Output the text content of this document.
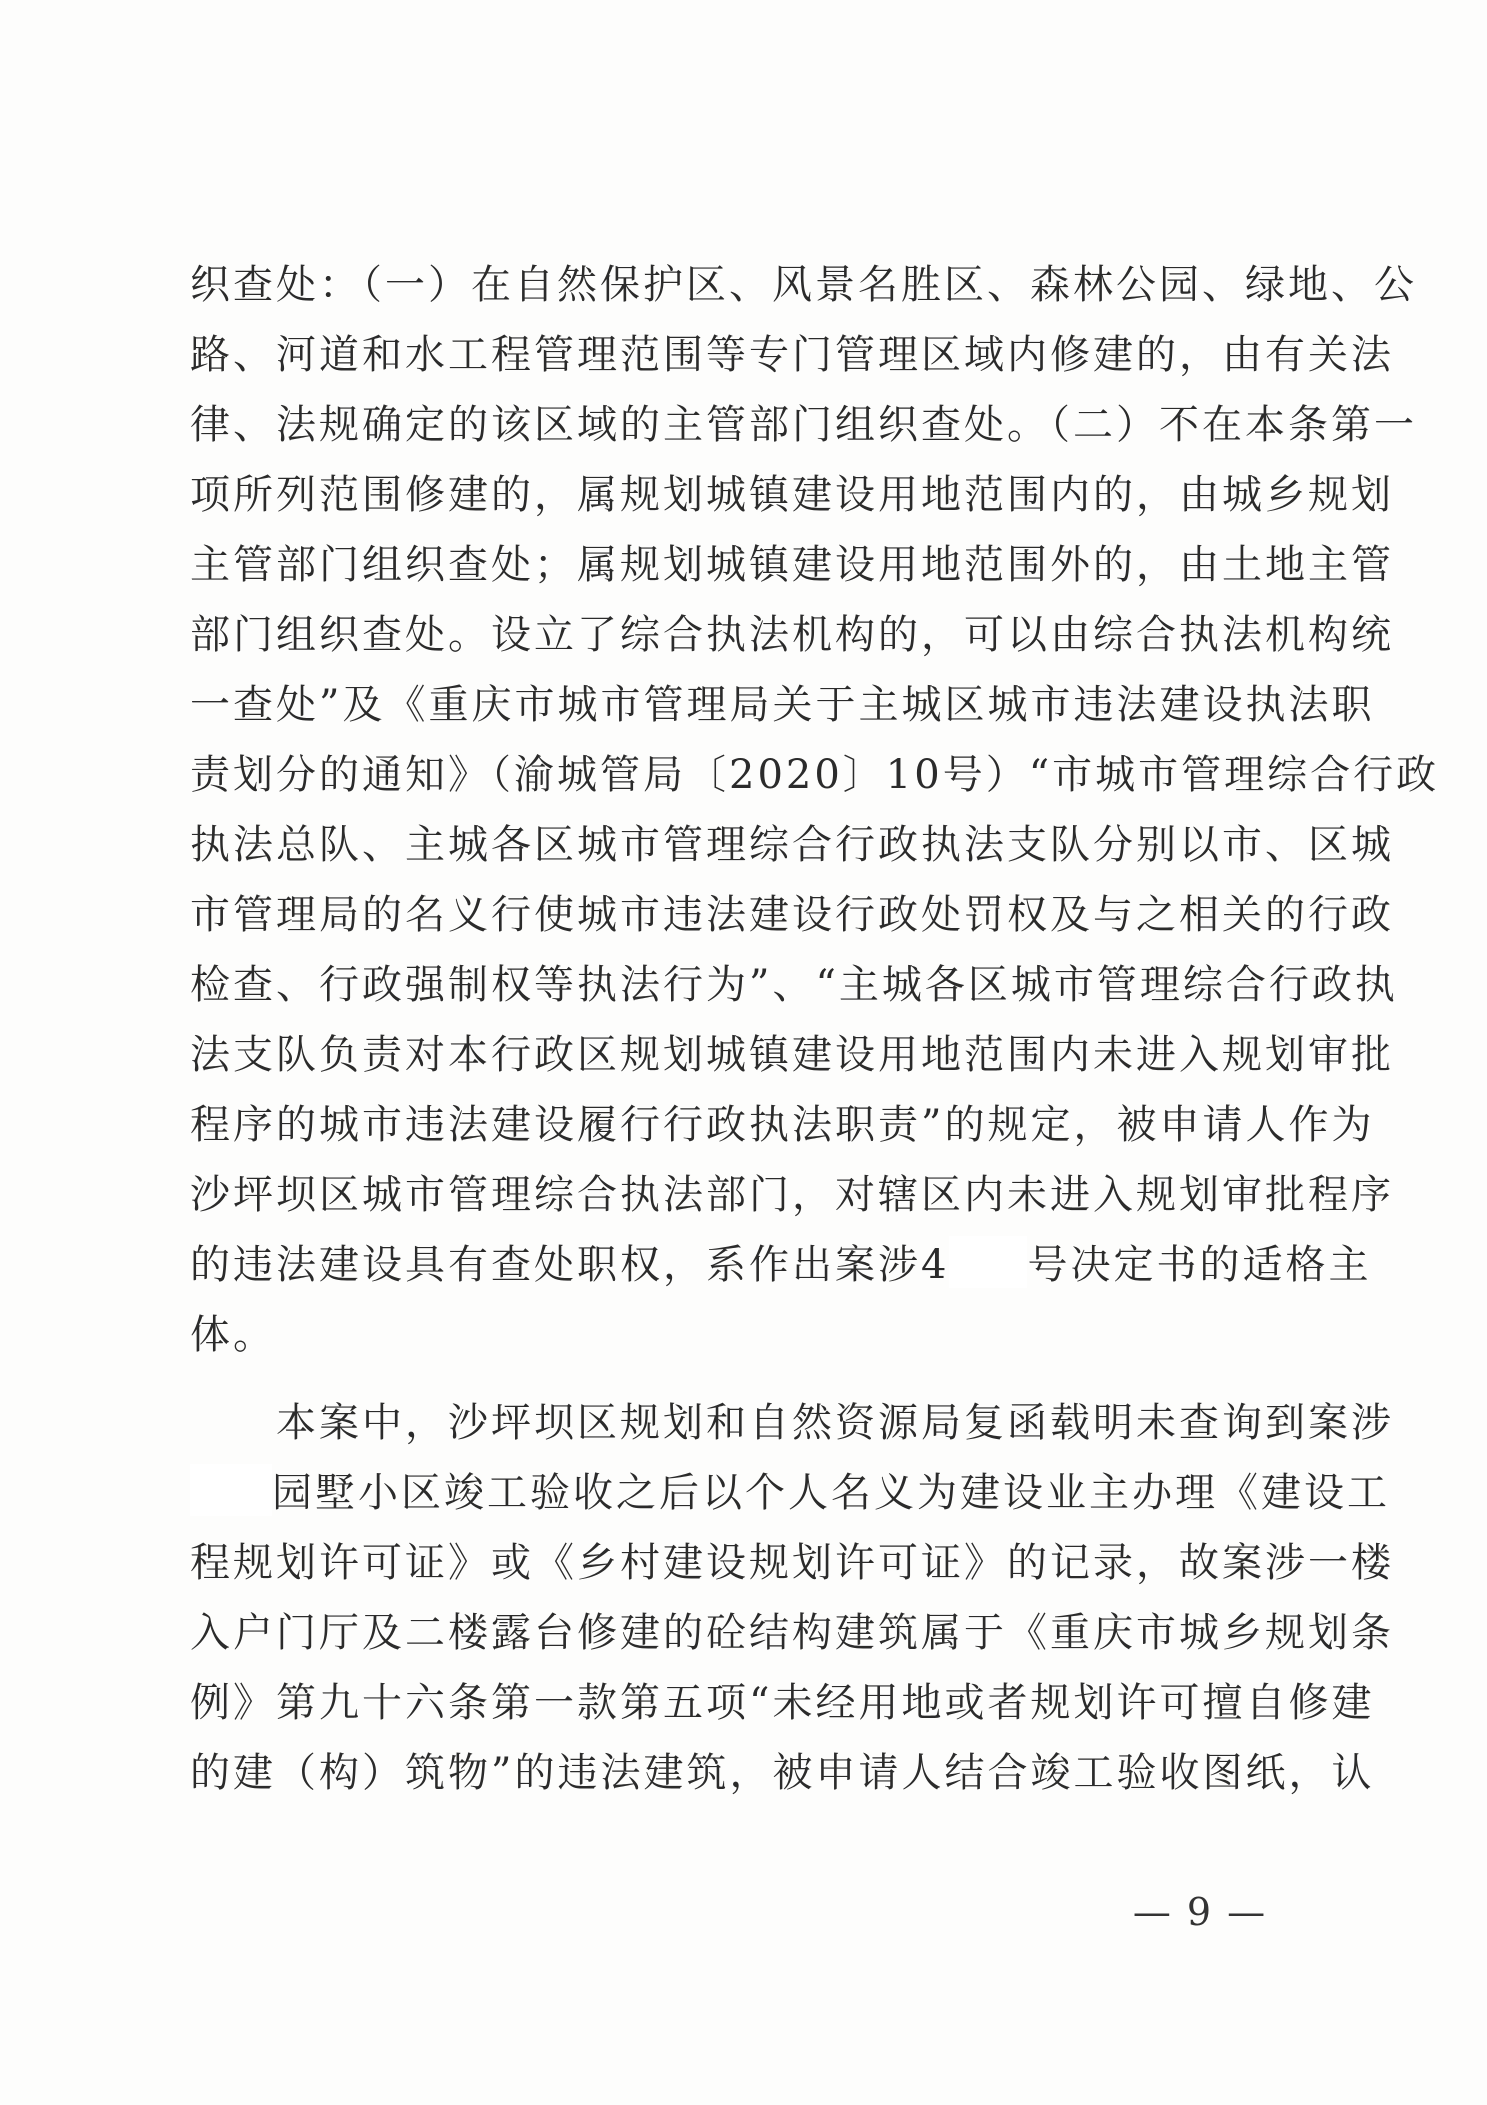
织查处：（一）在自然保护区、风景名胜区、森林公园、绿地、公
路、河道和水工程管理范围等专门管理区域内修建的，由有关法
律、法规确定的该区域的主管部门组织查处。（二）不在本条第一
项所列范围修建的，属规划城镇建设用地范围内的，由城乡规划
主管部门组织查处；属规划城镇建设用地范围外的，由土地主管
部门组织查处。设立了综合执法机构的，可以由综合执法机构统
一查处”及《重庆市城市管理局关于主城区城市违法建设执法职
责划分的通知》（渝城管局〔2020〕10号）“市城市管理综合行政
执法总队、主城各区城市管理综合行政执法支队分别以市、区城
市管理局的名义行使城市违法建设行政处罚权及与之相关的行政
检查、行政强制权等执法行为”、“主城各区城市管理综合行政执
法支队负责对本行政区规划城镇建设用地范围内未进入规划审批
程序的城市违法建设履行行政执法职责”的规定，被申请人作为
沙坪坝区城市管理综合执法部门，对辖区内未进入规划审批程序
的违法建设具有查处职权，系作出案涉4 号决定书的适格主
体。
　　本案中，沙坪坝区规划和自然资源局复函载明未查询到案涉
园墅小区竣工验收之后以个人名义为建设业主办理《建设工
程规划许可证》或《乡村建设规划许可证》的记录，故案涉一楼
入户门厅及二楼露台修建的砼结构建筑属于《重庆市城乡规划条
例》第九十六条第一款第五项“未经用地或者规划许可擅自修建
的建（构）筑物”的违法建筑，被申请人结合竣工验收图纸，认
— 9 —
